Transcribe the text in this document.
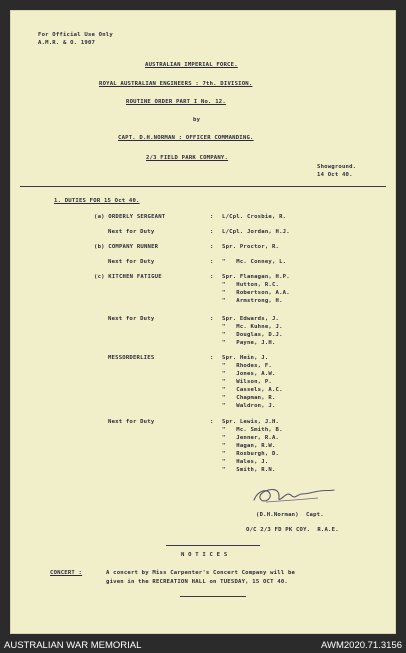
For Official Use Only
A.M.R. & O. 1907
AUSTRALIAN IMPERIAL FORCE.
ROYAL AUSTRALIAN ENGINEERS : 7th. DIVISION.
ROUTINE ORDER PART I No. 12.
by
CAPT. D.H.NORMAN : OFFICER COMMANDING.
2/3 FIELD PARK COMPANY.
Showground.
14 Oct 40.
1. DUTIES FOR 15 Oct 40.
(a) ORDERLY SERGEANT	: L/Cpl. Crosbie, R.
Next for Duty	: L/Cpl. Jordan, H.J.
(b) COMPANY RUNNER	: Spr. Proctor, R.
Next for Duty	: "   Mc. Conney, L.
(c) KITCHEN FATIGUE	: Spr. Flanagan, H.P.
"   Hutton, R.C.
"   Robertson, A.A.
"   Armstrong, H.
Next for Duty	: Spr. Edwards, J.
"   Mc. Kuhne, J.
"   Douglas, D.J.
"   Payne, J.H.
MESSORDERLIES	: Spr. Hein, J.
"   Rhodes, F.
"   Jones, A.W.
"   Wilson, P.
"   Cassels, A.C.
"   Chapman, R.
"   Waldron, J.
Next for Duty	: Spr. Lewis, J.H.
"   Mc. Smith, B.
"   Jenner, R.A.
"   Hagan, R.W.
"   Roxburgh, D.
"   Hales, J.
"   Smith, R.N.
(D.H.Norman)  Capt.
O/C 2/3 FD PK COY.  R.A.E.
N O T I C E S
CONCERT :	A concert by Miss Carpenter's Concert Company will be
given in the RECREATION HALL on TUESDAY, 15 OCT 40.
AUSTRALIAN WAR MEMORIAL	AWM2020.71.3156
